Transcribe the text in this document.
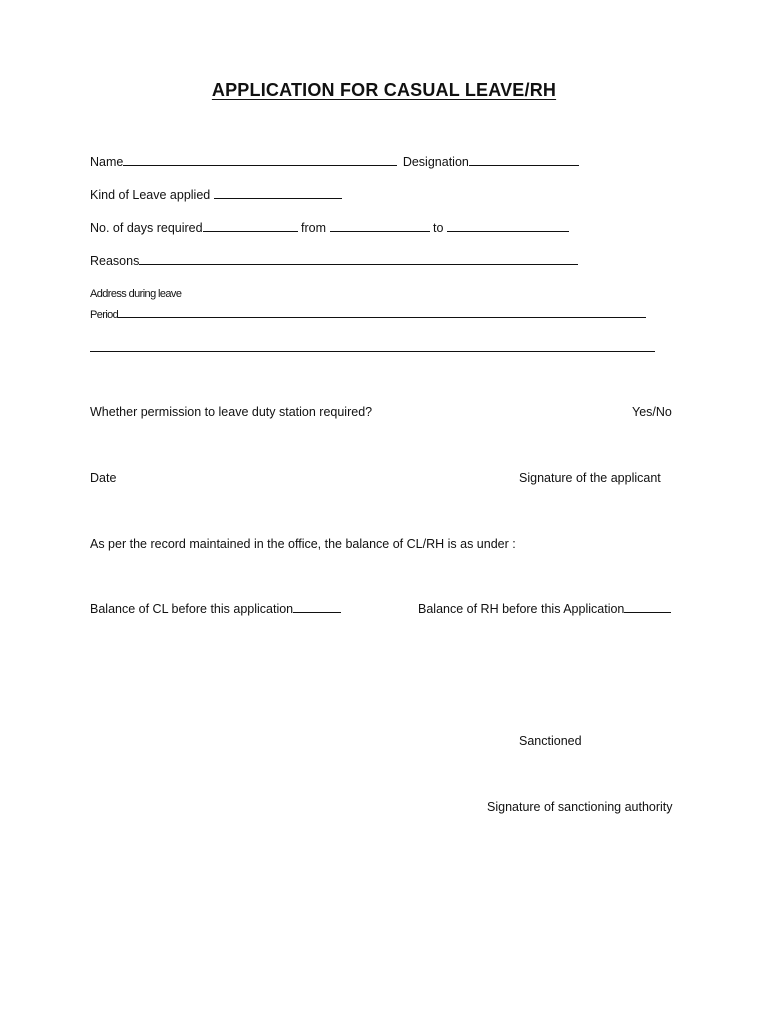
APPLICATION FOR CASUAL LEAVE/RH
Name	Designation
Kind of Leave applied
No. of days required	from	to
Reasons
Address during leave
Period
Whether permission to leave duty station required?	Yes/No
Date	Signature of the applicant
As per the record maintained in the office, the balance of CL/RH is as under :
Balance of CL before this application	Balance of RH before this Application
Sanctioned
Signature of sanctioning authority
